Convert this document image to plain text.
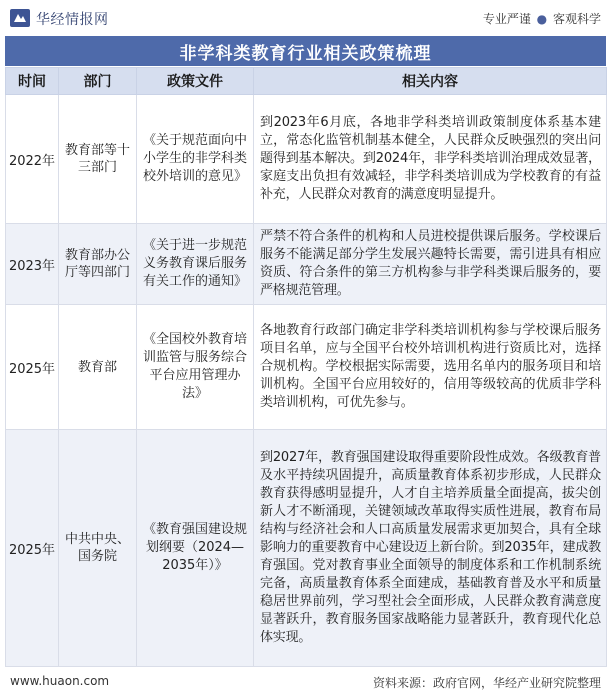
华经情报网	专业严谨 ● 客观科学
非学科类教育行业相关政策梳理
时间	部门	政策文件	相关内容
2022年	教育部等十三部门	《关于规范面向中小学生的非学科类校外培训的意见》	到2023年6月底，各地非学科类培训政策制度体系基本建立，常态化监管机制基本健全，人民群众反映强烈的突出问题得到基本解决。到2024年，非学科类培训治理成效显著，家庭支出负担有效减轻，非学科类培训成为学校教育的有益补充，人民群众对教育的满意度明显提升。
2023年	教育部办公厅等四部门	《关于进一步规范义务教育课后服务有关工作的通知》	严禁不符合条件的机构和人员进校提供课后服务。学校课后服务不能满足部分学生发展兴趣特长需要，需引进具有相应资质、符合条件的第三方机构参与非学科类课后服务的，要严格规范管理。
2025年	教育部	《全国校外教育培训监管与服务综合平台应用管理办法》	各地教育行政部门确定非学科类培训机构参与学校课后服务项目名单，应与全国平台校外培训机构进行资质比对，选择合规机构。学校根据实际需要，选用名单内的服务项目和培训机构。全国平台应用较好的，信用等级较高的优质非学科类培训机构，可优先参与。
2025年	中共中央、国务院	《教育强国建设规划纲要（2024—2035年）》	到2027年，教育强国建设取得重要阶段性成效。各级教育普及水平持续巩固提升，高质量教育体系初步形成，人民群众教育获得感明显提升，人才自主培养质量全面提高，拔尖创新人才不断涌现，关键领域改革取得实质性进展，教育布局结构与经济社会和人口高质量发展需求更加契合，具有全球影响力的重要教育中心建设迈上新台阶。到2035年，建成教育强国。党对教育事业全面领导的制度体系和工作机制系统完备，高质量教育体系全面建成，基础教育普及水平和质量稳居世界前列，学习型社会全面形成，人民群众教育满意度显著跃升，教育服务国家战略能力显著跃升，教育现代化总体实现。
www.huaon.com	资料来源：政府官网，华经产业研究院整理
